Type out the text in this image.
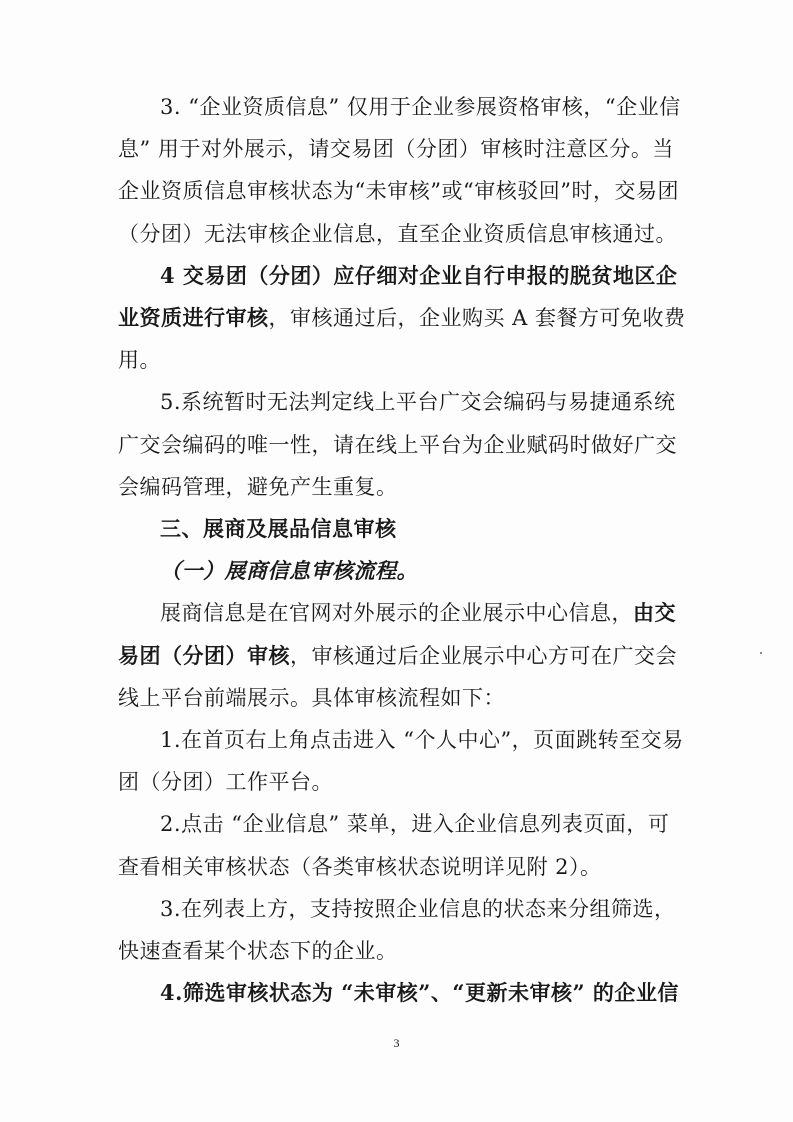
3. “企业资质信息” 仅用于企业参展资格审核，“企业信
息” 用于对外展示，请交易团（分团）审核时注意区分。当
企业资质信息审核状态为“未审核”或“审核驳回”时，交易团
（分团）无法审核企业信息，直至企业资质信息审核通过。
4 交易团（分团）应仔细对企业自行申报的脱贫地区企
业资质进行审核，审核通过后，企业购买 A 套餐方可免收费
用。
5.系统暂时无法判定线上平台广交会编码与易捷通系统
广交会编码的唯一性，请在线上平台为企业赋码时做好广交
会编码管理，避免产生重复。
三、展商及展品信息审核
（一）展商信息审核流程。
展商信息是在官网对外展示的企业展示中心信息，由交
易团（分团）审核，审核通过后企业展示中心方可在广交会
线上平台前端展示。具体审核流程如下：
1.在首页右上角点击进入 “个人中心”，页面跳转至交易
团（分团）工作平台。
2.点击 “企业信息” 菜单，进入企业信息列表页面，可
查看相关审核状态（各类审核状态说明详见附 2）。
3.在列表上方，支持按照企业信息的状态来分组筛选，
快速查看某个状态下的企业。
4.筛选审核状态为 “未审核”、“更新未审核” 的企业信
3
